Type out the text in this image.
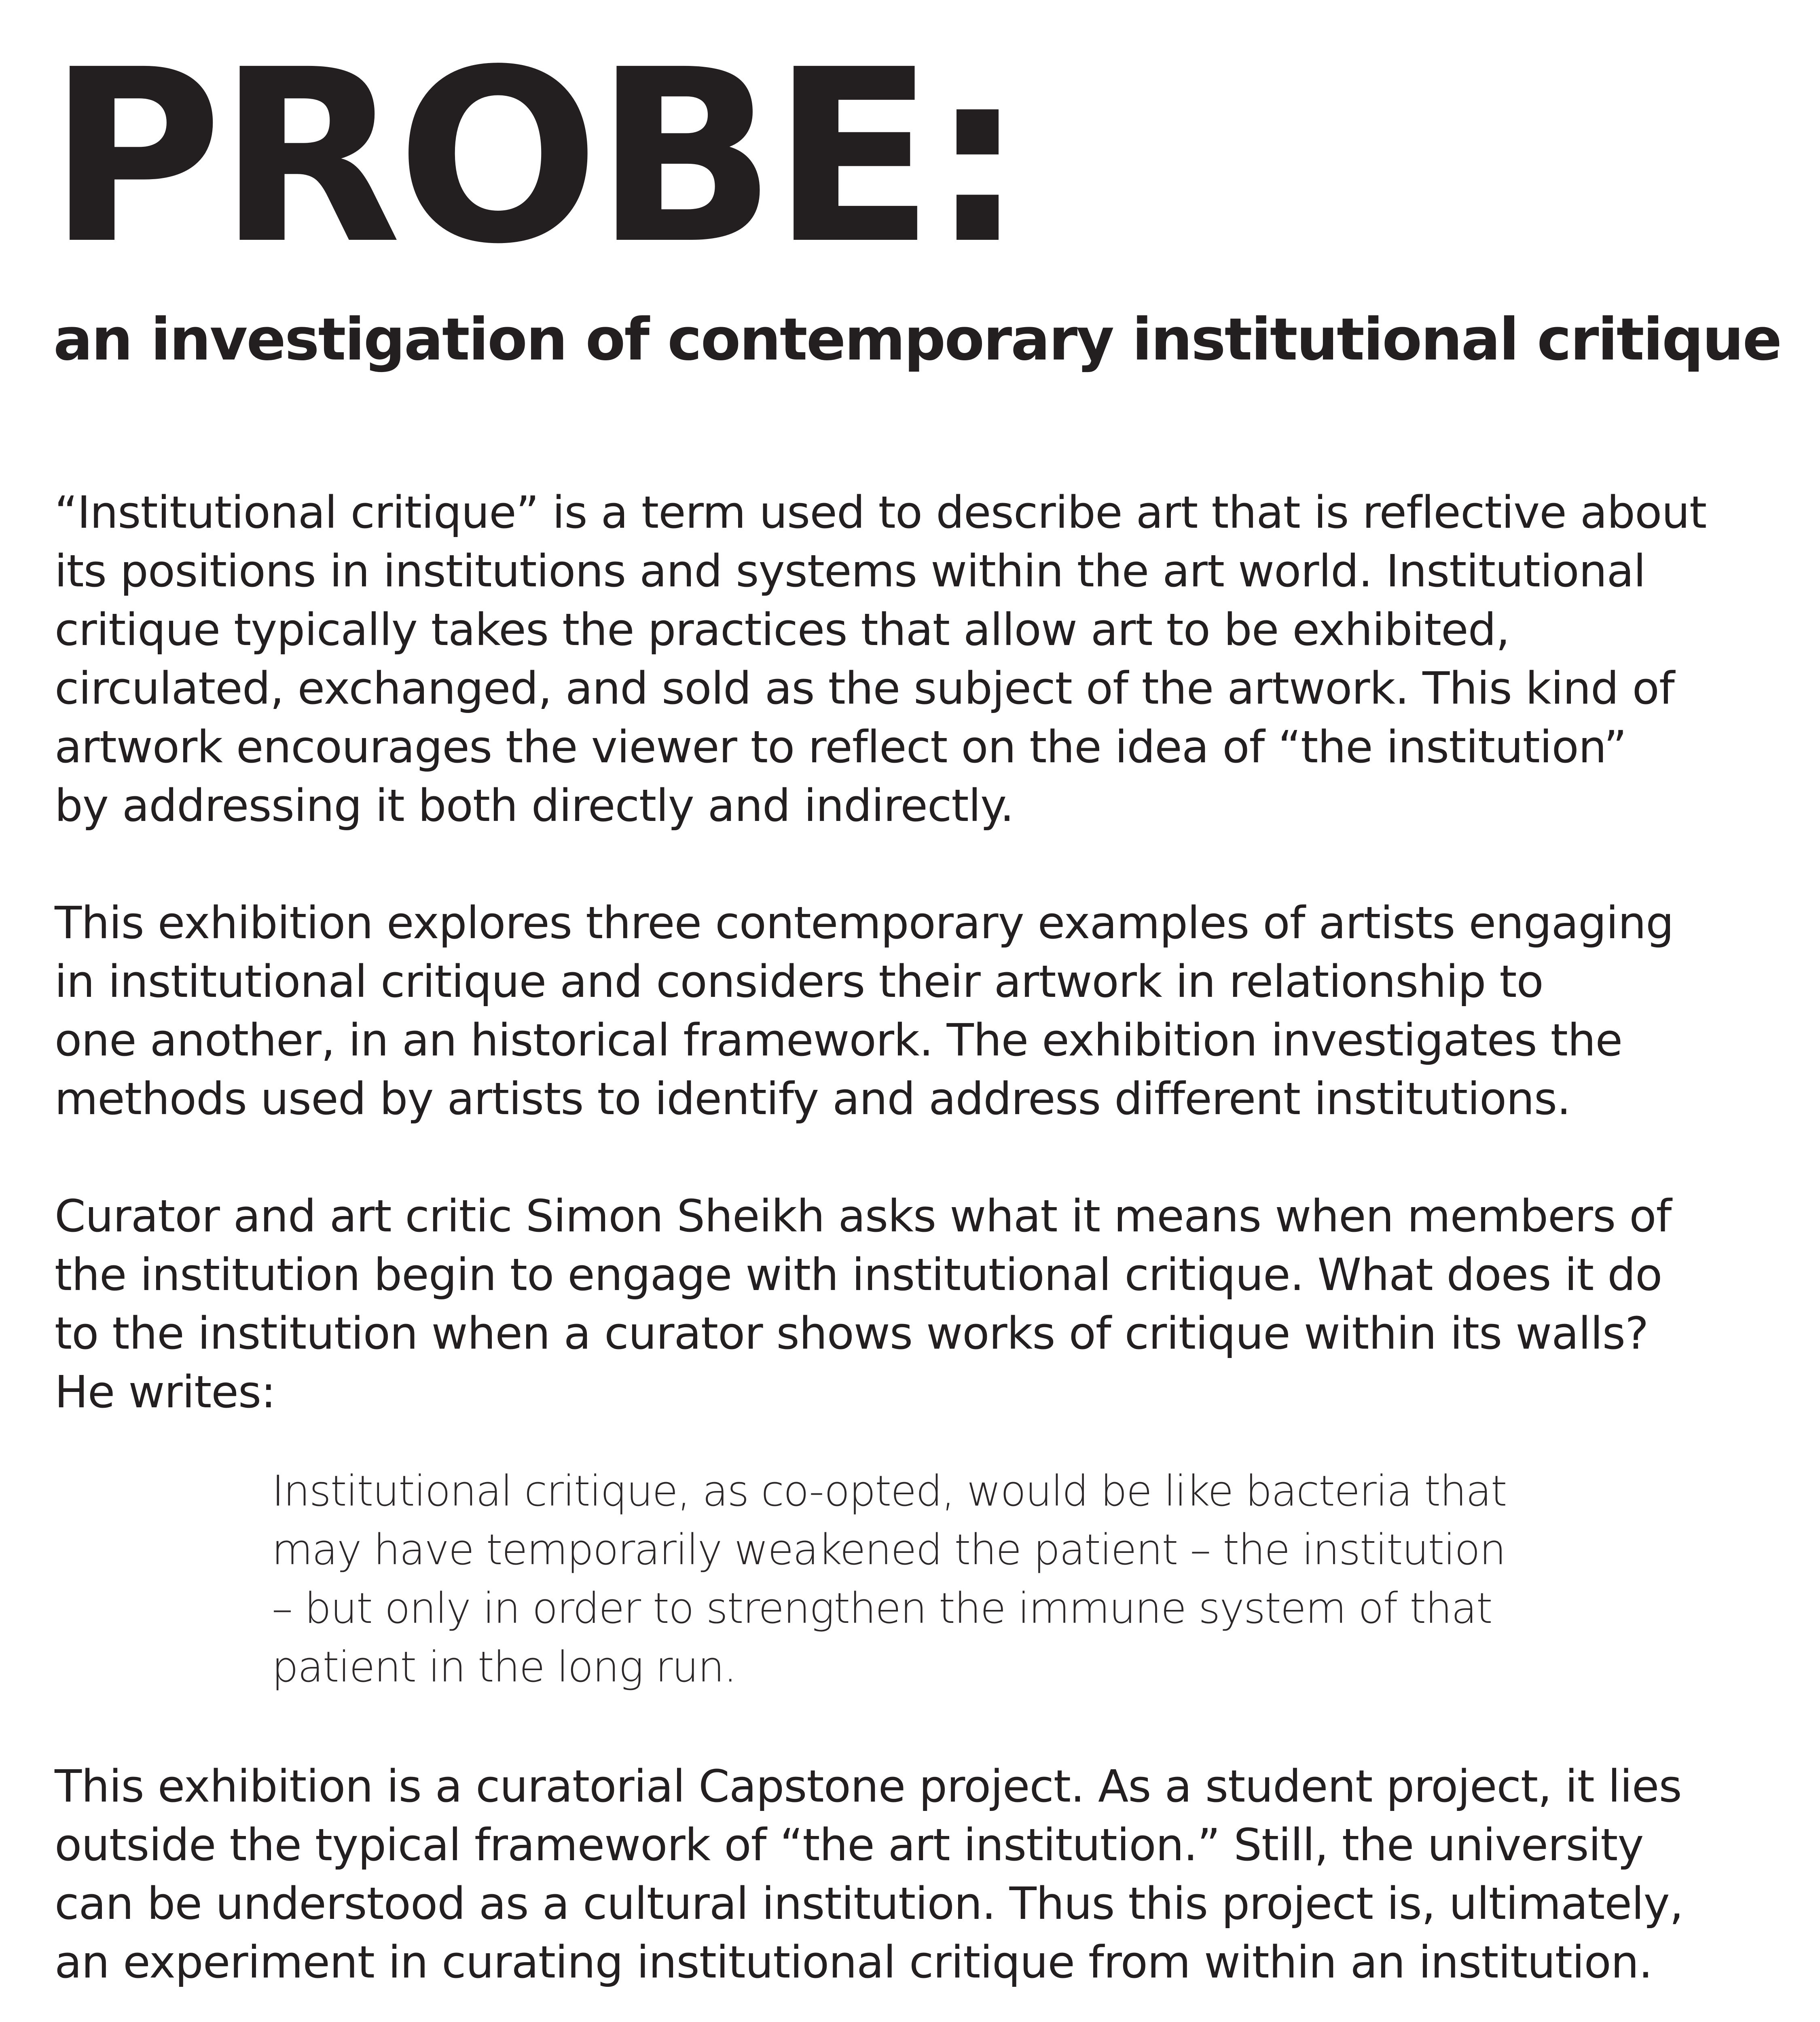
PROBE:
an investigation of contemporary institutional critique

“Institutional critique” is a term used to describe art that is reflective about
its positions in institutions and systems within the art world. Institutional
critique typically takes the practices that allow art to be exhibited,
circulated, exchanged, and sold as the subject of the artwork. This kind of
artwork encourages the viewer to reflect on the idea of “the institution”
by addressing it both directly and indirectly.

This exhibition explores three contemporary examples of artists engaging
in institutional critique and considers their artwork in relationship to
one another, in an historical framework. The exhibition investigates the
methods used by artists to identify and address different institutions.

Curator and art critic Simon Sheikh asks what it means when members of
the institution begin to engage with institutional critique. What does it do
to the institution when a curator shows works of critique within its walls?
He writes:

Institutional critique, as co-opted, would be like bacteria that
may have temporarily weakened the patient – the institution
– but only in order to strengthen the immune system of that
patient in the long run.

This exhibition is a curatorial Capstone project. As a student project, it lies
outside the typical framework of “the art institution.” Still, the university
can be understood as a cultural institution. Thus this project is, ultimately,
an experiment in curating institutional critique from within an institution.
